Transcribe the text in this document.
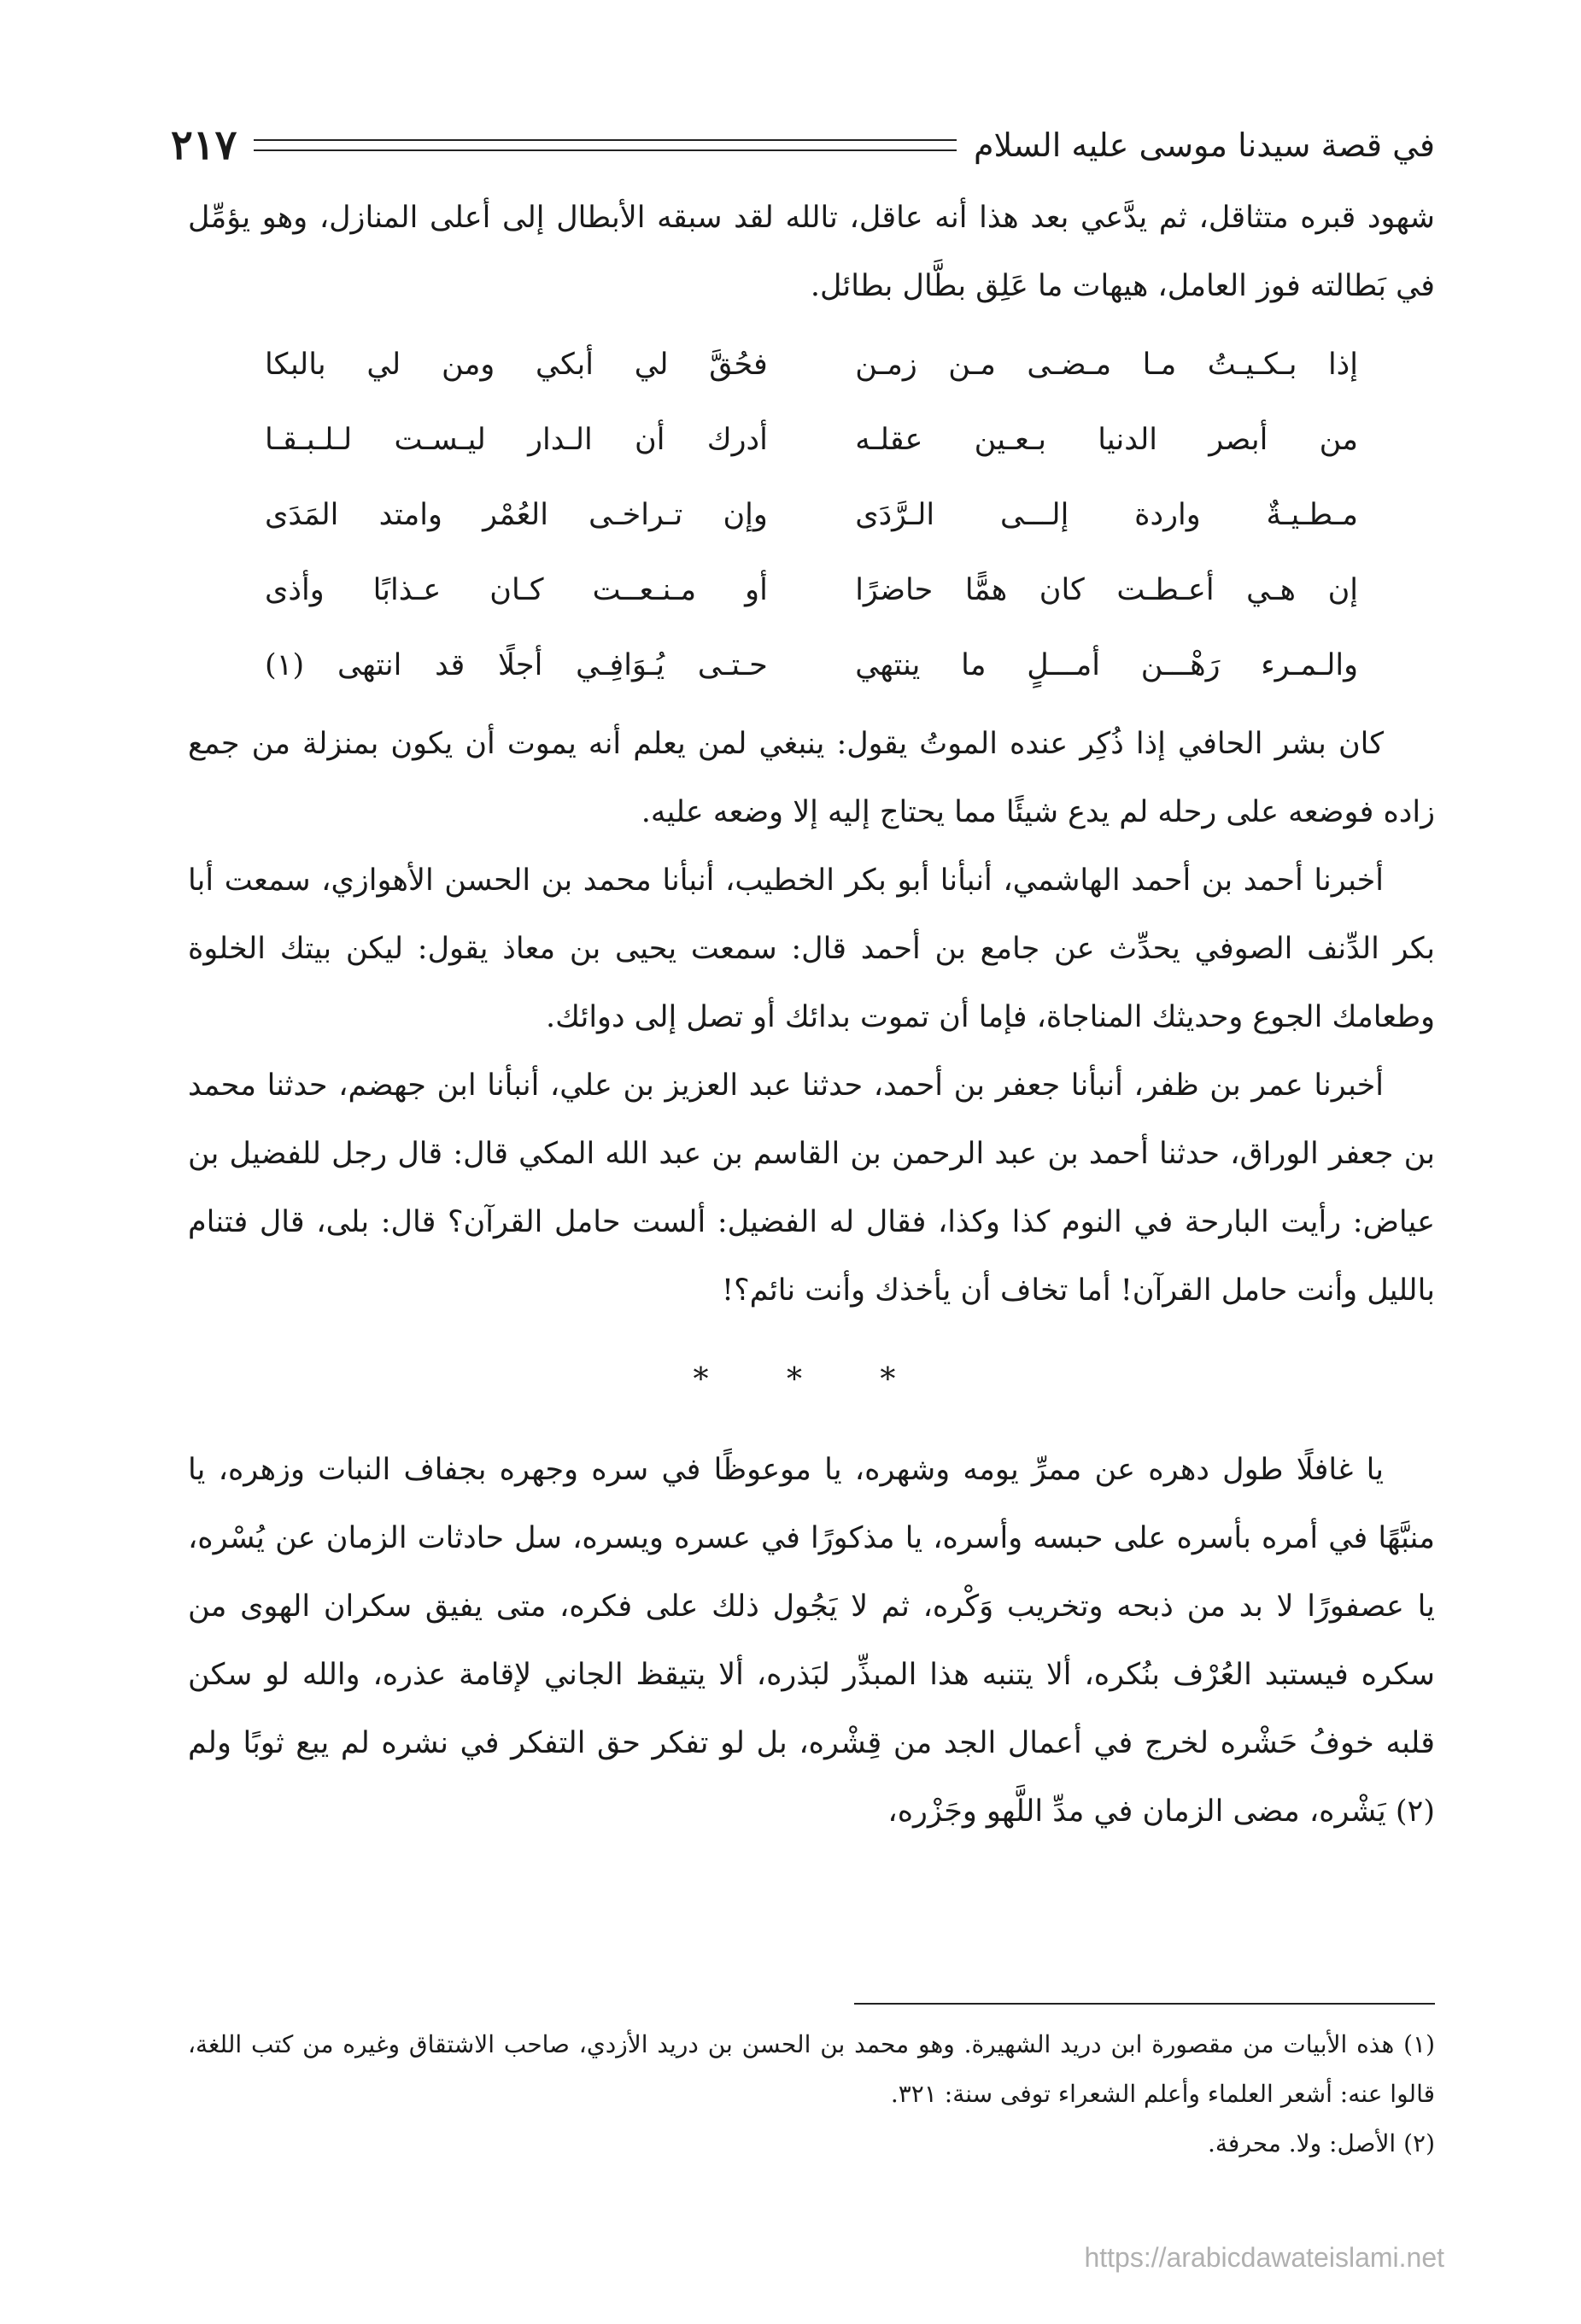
في قصة سيدنا موسى عليه السلام
٢١٧

شهود قبره متثاقل، ثم يدَّعي بعد هذا أنه عاقل، تالله لقد سبقه الأبطال إلى أعلى المنازل، وهو يؤمِّل في بَطالته فوز العامل، هيهات ما عَلِق بطَّال بطائل.

إذا بـكـيـتُ مـا مـضـى مـن زمـن
فحُقَّ لي أبكي ومن لي بالبكا
من أبصر الدنيا بـعـين عقلـه
أدرك أن الـدار ليـسـت لـلـبـقـا
مـطـيـةٌ واردة إلـــى الـرَّدَى
وإن تـراخـى العُمْر وامتد المَدَى
إن هـي أعـطـت كان همًّا حاضرًا
أو مـنـعــت كـان عـذابًا وأذى
والـمـرء رَهْـــن أمـــلٍ ما ينتهي
حـتـى يُـوَافِـي أجلًا قد انتهى (١)

كان بشر الحافي إذا ذُكِر عنده الموتُ يقول: ينبغي لمن يعلم أنه يموت أن يكون بمنزلة من جمع زاده فوضعه على رحله لم يدع شيئًا مما يحتاج إليه إلا وضعه عليه.

أخبرنا أحمد بن أحمد الهاشمي، أنبأنا أبو بكر الخطيب، أنبأنا محمد بن الحسن الأهوازي، سمعت أبا بكر الدِّنف الصوفي يحدِّث عن جامع بن أحمد قال: سمعت يحيى بن معاذ يقول: ليكن بيتك الخلوة وطعامك الجوع وحديثك المناجاة، فإما أن تموت بدائك أو تصل إلى دوائك.

أخبرنا عمر بن ظفر، أنبأنا جعفر بن أحمد، حدثنا عبد العزيز بن علي، أنبأنا ابن جهضم، حدثنا محمد بن جعفر الوراق، حدثنا أحمد بن عبد الرحمن بن القاسم بن عبد الله المكي قال: قال رجل للفضيل بن عياض: رأيت البارحة في النوم كذا وكذا، فقال له الفضيل: ألست حامل القرآن؟ قال: بلى، قال فتنام بالليل وأنت حامل القرآن! أما تخاف أن يأخذك وأنت نائم؟!

* * *

يا غافلًا طول دهره عن ممرِّ يومه وشهره، يا موعوظًا في سره وجهره بجفاف النبات وزهره، يا منبَّهًا في أمره بأسره على حبسه وأسره، يا مذكورًا في عسره ويسره، سل حادثات الزمان عن يُسْره، يا عصفورًا لا بد من ذبحه وتخريب وَكْره، ثم لا يَجُول ذلك على فكره، متى يفيق سكران الهوى من سكره فيستبد العُرْف بنُكره، ألا يتنبه هذا المبذِّر لبَذره، ألا يتيقظ الجاني لإقامة عذره، والله لو سكن قلبه خوفُ حَشْره لخرج في أعمال الجد من قِشْره، بل لو تفكر حق التفكر في نشره لم يبع ثوبًا ولم (٢) يَشْره، مضى الزمان في مدِّ اللَّهو وجَزْره،

(١) هذه الأبيات من مقصورة ابن دريد الشهيرة. وهو محمد بن الحسن بن دريد الأزدي، صاحب الاشتقاق وغيره من كتب اللغة، قالوا عنه: أشعر العلماء وأعلم الشعراء توفى سنة: ٣٢١.

(٢) الأصل: ولا. محرفة.

https://arabicdawateislami.net
